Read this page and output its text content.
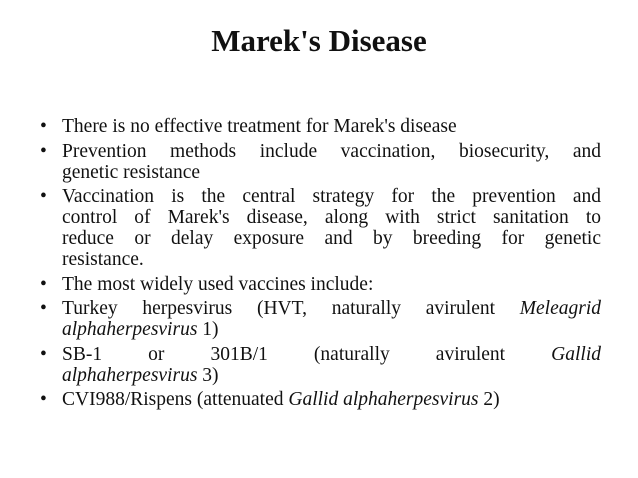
Marek's Disease
• There is no effective treatment for Marek's disease
• Prevention methods include vaccination, biosecurity, and
genetic resistance
• Vaccination is the central strategy for the prevention and
control of Marek's disease, along with strict sanitation to
reduce or delay exposure and by breeding for genetic
resistance.
• The most widely used vaccines include:
• Turkey herpesvirus (HVT, naturally avirulent Meleagrid
alphaherpesvirus 1)
• SB-1 or 301B/1 (naturally avirulent Gallid
alphaherpesvirus 3)
• CVI988/Rispens (attenuated Gallid alphaherpesvirus 2)
